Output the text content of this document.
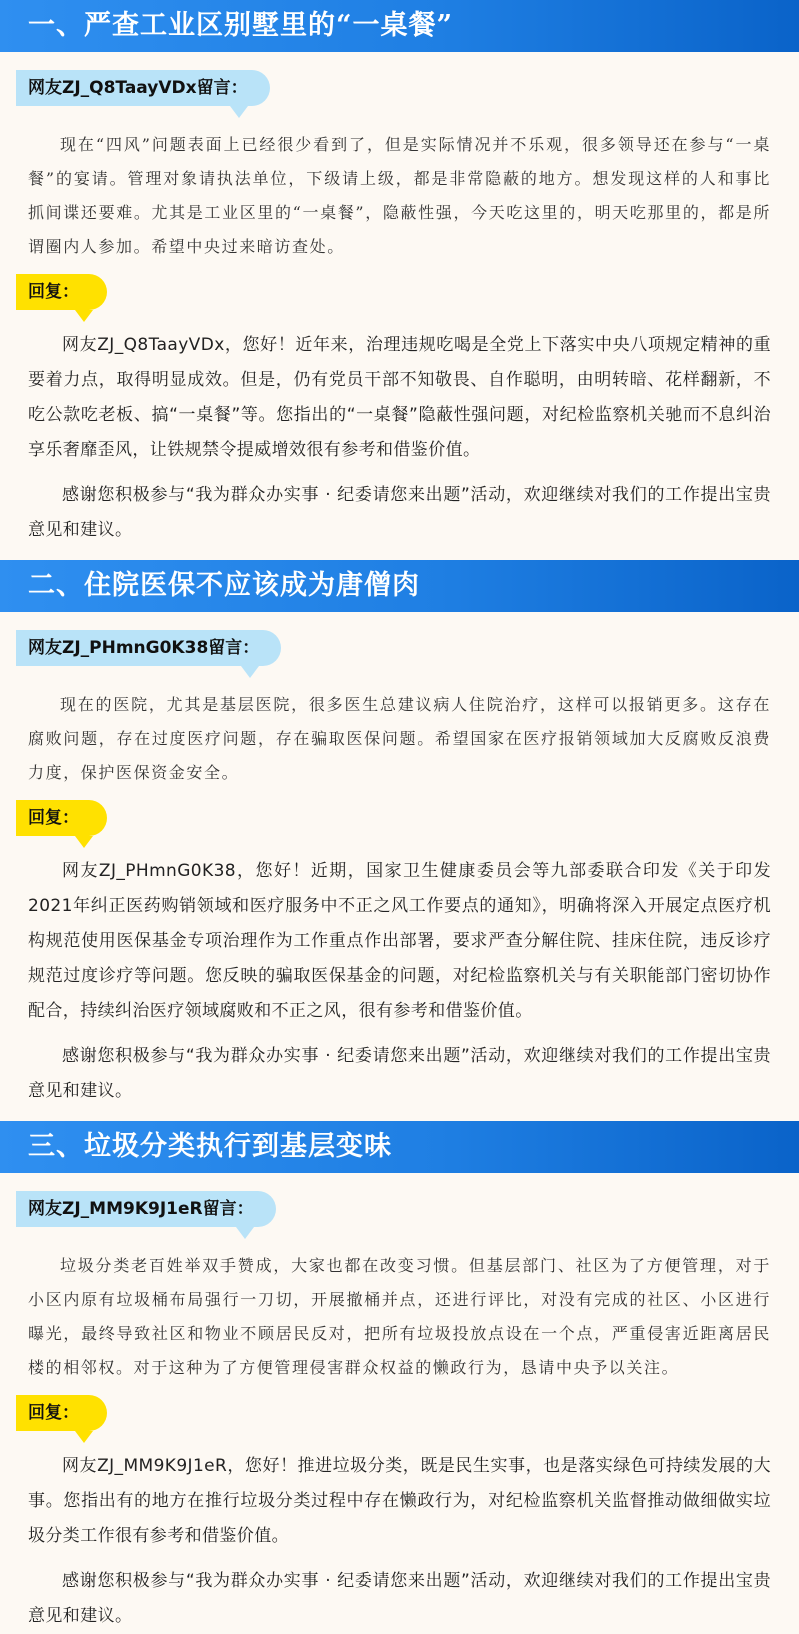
一、严查工业区别墅里的“一桌餐”
网友ZJ_Q8TaayVDx留言：

现在“四风”问题表面上已经很少看到了，但是实际情况并不乐观，很多领导还在参与“一桌餐”的宴请。管理对象请执法单位，下级请上级，都是非常隐蔽的地方。想发现这样的人和事比抓间谍还要难。尤其是工业区里的“一桌餐”，隐蔽性强，今天吃这里的，明天吃那里的，都是所谓圈内人参加。希望中央过来暗访查处。

回复：

网友ZJ_Q8TaayVDx，您好！近年来，治理违规吃喝是全党上下落实中央八项规定精神的重要着力点，取得明显成效。但是，仍有党员干部不知敬畏、自作聪明，由明转暗、花样翻新，不吃公款吃老板、搞“一桌餐”等。您指出的“一桌餐”隐蔽性强问题，对纪检监察机关驰而不息纠治享乐奢靡歪风，让铁规禁令提威增效很有参考和借鉴价值。

感谢您积极参与“我为群众办实事 · 纪委请您来出题”活动，欢迎继续对我们的工作提出宝贵意见和建议。

二、住院医保不应该成为唐僧肉
网友ZJ_PHmnG0K38留言：

现在的医院，尤其是基层医院，很多医生总建议病人住院治疗，这样可以报销更多。这存在腐败问题，存在过度医疗问题，存在骗取医保问题。希望国家在医疗报销领域加大反腐败反浪费力度，保护医保资金安全。

回复：

网友ZJ_PHmnG0K38，您好！近期，国家卫生健康委员会等九部委联合印发《关于印发2021年纠正医药购销领域和医疗服务中不正之风工作要点的通知》，明确将深入开展定点医疗机构规范使用医保基金专项治理作为工作重点作出部署，要求严查分解住院、挂床住院，违反诊疗规范过度诊疗等问题。您反映的骗取医保基金的问题，对纪检监察机关与有关职能部门密切协作配合，持续纠治医疗领域腐败和不正之风，很有参考和借鉴价值。

感谢您积极参与“我为群众办实事 · 纪委请您来出题”活动，欢迎继续对我们的工作提出宝贵意见和建议。

三、垃圾分类执行到基层变味
网友ZJ_MM9K9J1eR留言：

垃圾分类老百姓举双手赞成，大家也都在改变习惯。但基层部门、社区为了方便管理，对于小区内原有垃圾桶布局强行一刀切，开展撤桶并点，还进行评比，对没有完成的社区、小区进行曝光，最终导致社区和物业不顾居民反对，把所有垃圾投放点设在一个点，严重侵害近距离居民楼的相邻权。对于这种为了方便管理侵害群众权益的懒政行为，恳请中央予以关注。

回复：

网友ZJ_MM9K9J1eR，您好！推进垃圾分类，既是民生实事，也是落实绿色可持续发展的大事。您指出有的地方在推行垃圾分类过程中存在懒政行为，对纪检监察机关监督推动做细做实垃圾分类工作很有参考和借鉴价值。

感谢您积极参与“我为群众办实事 · 纪委请您来出题”活动，欢迎继续对我们的工作提出宝贵意见和建议。
